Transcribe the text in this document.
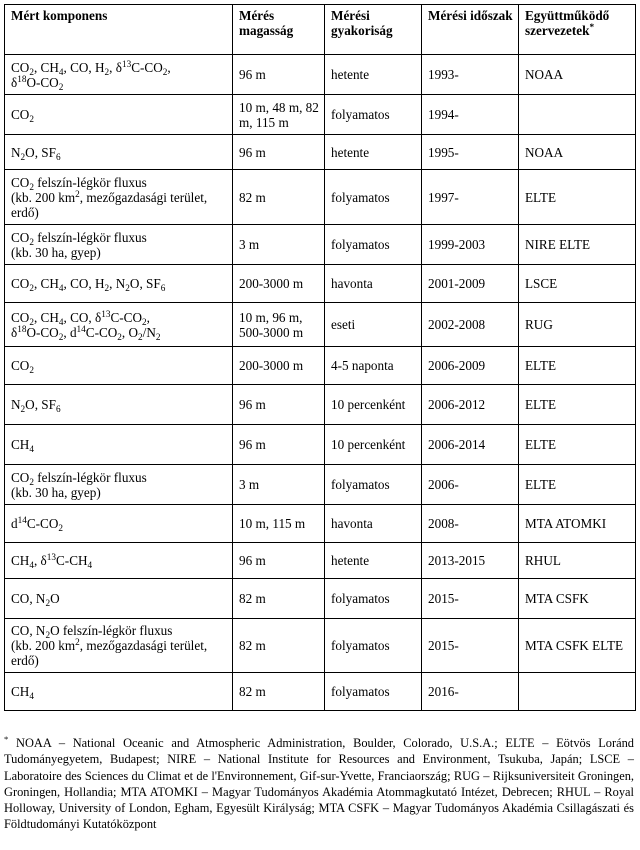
Mért komponens	Mérés magasság	Mérési gyakoriság	Mérési időszak	Együttműködő szervezetek*
$CO_2$, $CH_4$, CO, $H_2$, $\delta^{13}C-CO_2$,
$\delta^{18}O-CO_2$	96 m	hetente	1993-	NOAA
$CO_2$	10 m, 48 m, 82 m, 115 m	folyamatos	1994-	
$N_2O$, $SF_6$	96 m	hetente	1995-	NOAA
$CO_2$ felszín-légkör fluxus
(kb. 200 $km^2$, mezőgazdasági terület, erdő)	82 m	folyamatos	1997-	ELTE
$CO_2$ felszín-légkör fluxus
(kb. 30 ha, gyep)	3 m	folyamatos	1999-2003	NIRE ELTE
$CO_2$, $CH_4$, CO, $H_2$, $N_2O$, $SF_6$	200-3000 m	havonta	2001-2009	LSCE
$CO_2$, $CH_4$, CO, $\delta^{13}C-CO_2$,
$\delta^{18}O-CO_2$, $d^{14}C-CO_2$, $O_2/N_2$	10 m, 96 m, 500-3000 m	eseti	2002-2008	RUG
$CO_2$	200-3000 m	4-5 naponta	2006-2009	ELTE
$N_2O$, $SF_6$	96 m	10 percenként	2006-2012	ELTE
$CH_4$	96 m	10 percenként	2006-2014	ELTE
$CO_2$ felszín-légkör fluxus
(kb. 30 ha, gyep)	3 m	folyamatos	2006-	ELTE
$d^{14}C-CO_2$	10 m, 115 m	havonta	2008-	MTA ATOMKI
$CH_4$, $\delta^{13}C-CH_4$	96 m	hetente	2013-2015	RHUL
CO, $N_2O$	82 m	folyamatos	2015-	MTA CSFK
CO, $N_2O$ felszín-légkör fluxus
(kb. 200 $km^2$, mezőgazdasági terület, erdő)	82 m	folyamatos	2015-	MTA CSFK ELTE
$CH_4$	82 m	folyamatos	2016-	
* NOAA – National Oceanic and Atmospheric Administration, Boulder, Colorado, U.S.A.; ELTE – Eötvös Loránd Tudományegyetem, Budapest; NIRE – National Institute for Resources and Environment, Tsukuba, Japán; LSCE – Laboratoire des Sciences du Climat et de l'Environnement, Gif-sur-Yvette, Franciaország; RUG – Rijksuniversiteit Groningen, Groningen, Hollandia; MTA ATOMKI – Magyar Tudományos Akadémia Atommagkutató Intézet, Debrecen; RHUL – Royal Holloway, University of London, Egham, Egyesült Királyság; MTA CSFK – Magyar Tudományos Akadémia Csillagászati és Földtudományi Kutatóközpont
